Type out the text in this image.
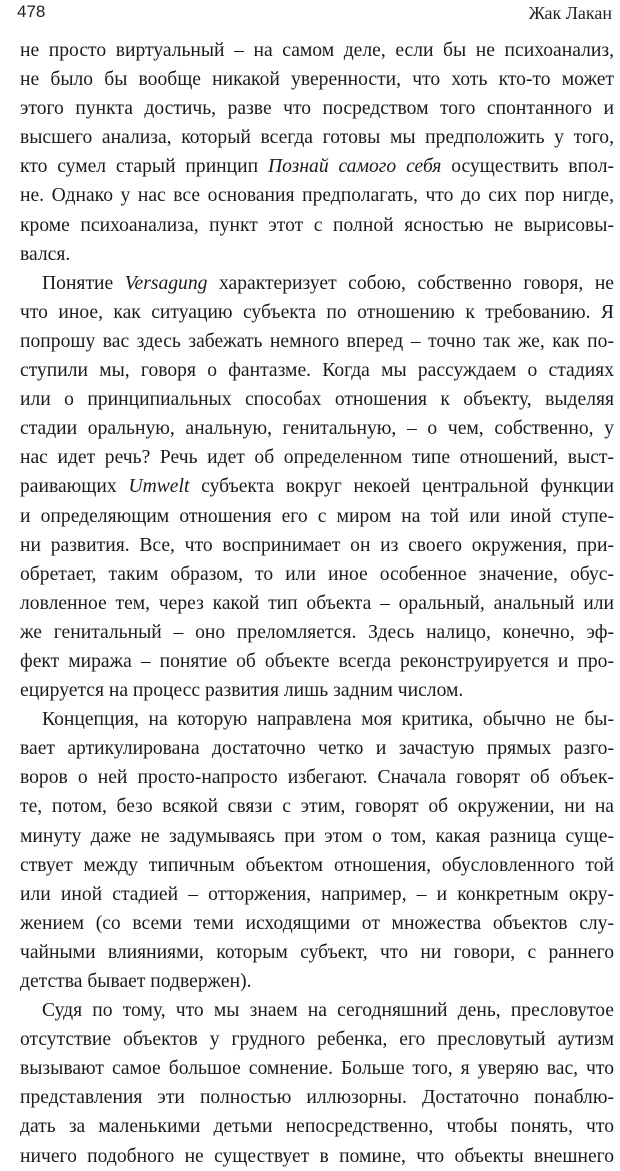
478	Жак Лакан
не просто виртуальный – на самом деле, если бы не психоанализ,
не было бы вообще никакой уверенности, что хоть кто-то может
этого пункта достичь, разве что посредством того спонтанного и
высшего анализа, который всегда готовы мы предположить у того,
кто сумел старый принцип Познай самого себя осуществить впол-
не. Однако у нас все основания предполагать, что до сих пор нигде,
кроме психоанализа, пункт этот с полной ясностью не вырисовы-
вался.
Понятие Versagung характеризует собою, собственно говоря, не
что иное, как ситуацию субъекта по отношению к требованию. Я
попрошу вас здесь забежать немного вперед – точно так же, как по-
ступили мы, говоря о фантазме. Когда мы рассуждаем о стадиях
или о принципиальных способах отношения к объекту, выделяя
стадии оральную, анальную, генитальную, – о чем, собственно, у
нас идет речь? Речь идет об определенном типе отношений, выст-
раивающих Umwelt субъекта вокруг некоей центральной функции
и определяющим отношения его с миром на той или иной ступе-
ни развития. Все, что воспринимает он из своего окружения, при-
обретает, таким образом, то или иное особенное значение, обус-
ловленное тем, через какой тип объекта – оральный, анальный или
же генитальный – оно преломляется. Здесь налицо, конечно, эф-
фект миража – понятие об объекте всегда реконструируется и про-
ецируется на процесс развития лишь задним числом.
Концепция, на которую направлена моя критика, обычно не бы-
вает артикулирована достаточно четко и зачастую прямых разго-
воров о ней просто-напросто избегают. Сначала говорят об объек-
те, потом, безо всякой связи с этим, говорят об окружении, ни на
минуту даже не задумываясь при этом о том, какая разница суще-
ствует между типичным объектом отношения, обусловленного той
или иной стадией – отторжения, например, – и конкретным окру-
жением (со всеми теми исходящими от множества объектов слу-
чайными влияниями, которым субъект, что ни говори, с раннего
детства бывает подвержен).
Судя по тому, что мы знаем на сегодняшний день, пресловутое
отсутствие объектов у грудного ребенка, его пресловутый аутизм
вызывают самое большое сомнение. Больше того, я уверяю вас, что
представления эти полностью иллюзорны. Достаточно понаблю-
дать за маленькими детьми непосредственно, чтобы понять, что
ничего подобного не существует в помине, что объекты внешнего
